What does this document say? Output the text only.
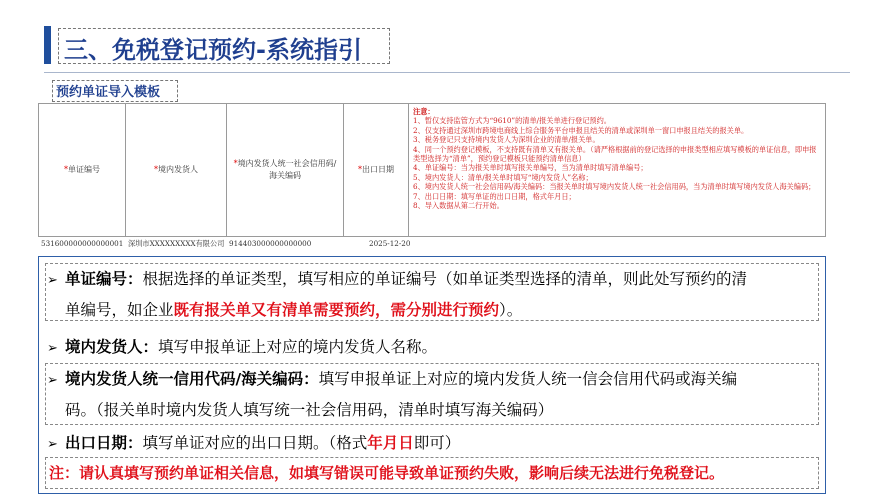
三、免税登记预约-系统指引
预约单证导入模板
* 单证编号	* 境内发货人
*境内发货人统一社会信用码/海关编码
* 出口日期
注意：
1、暂仅支持监管方式为“9610”的清单/报关单进行登记预约。
2、仅支持通过深圳市跨境电商线上综合服务平台申报且结关的清单或深圳单一窗口申报且结关的报关单。
3、税务登记只支持境内发货人为深圳企业的清单/报关单。
4、同一个预约登记模板，不支持既有清单又有报关单。（请严格根据前的登记选择的申报类型相应填写模板的单证信息，即申报类型选择为“清单”，预约登记模板只能预约清单信息）
4、单证编号：当为报关单时填写报关单编号，当为清单时填写清单编号；
5、境内发货人：清单/报关单时填写“境内发货人”名称；
6、境内发货人统一社会信用码/海关编码：当报关单时填写境内发货人统一社会信用码，当为清单时填写境内发货人海关编码；
7、出口日期：填写单证的出口日期，格式年月日；
8、导入数据从第二行开始。
531600000000000001 深圳市XXXXXXXXX有限公司 914403000000000000	2025-12-20
➢ 单证编号：根据选择的单证类型，填写相应的单证编号（如单证类型选择的清单，则此处写预约的清
单编号，如企业既有报关单又有清单需要预约，需分别进行预约）。
➢ 境内发货人：填写申报单证上对应的境内发货人名称。
➢ 境内发货人统一信用代码/海关编码：填写申报单证上对应的境内发货人统一信会信用代码或海关编
码。（报关单时境内发货人填写统一社会信用码，清单时填写海关编码）
➢ 出口日期：填写单证对应的出口日期。（格式年月日即可）
注：请认真填写预约单证相关信息，如填写错误可能导致单证预约失败，影响后续无法进行免税登记。
